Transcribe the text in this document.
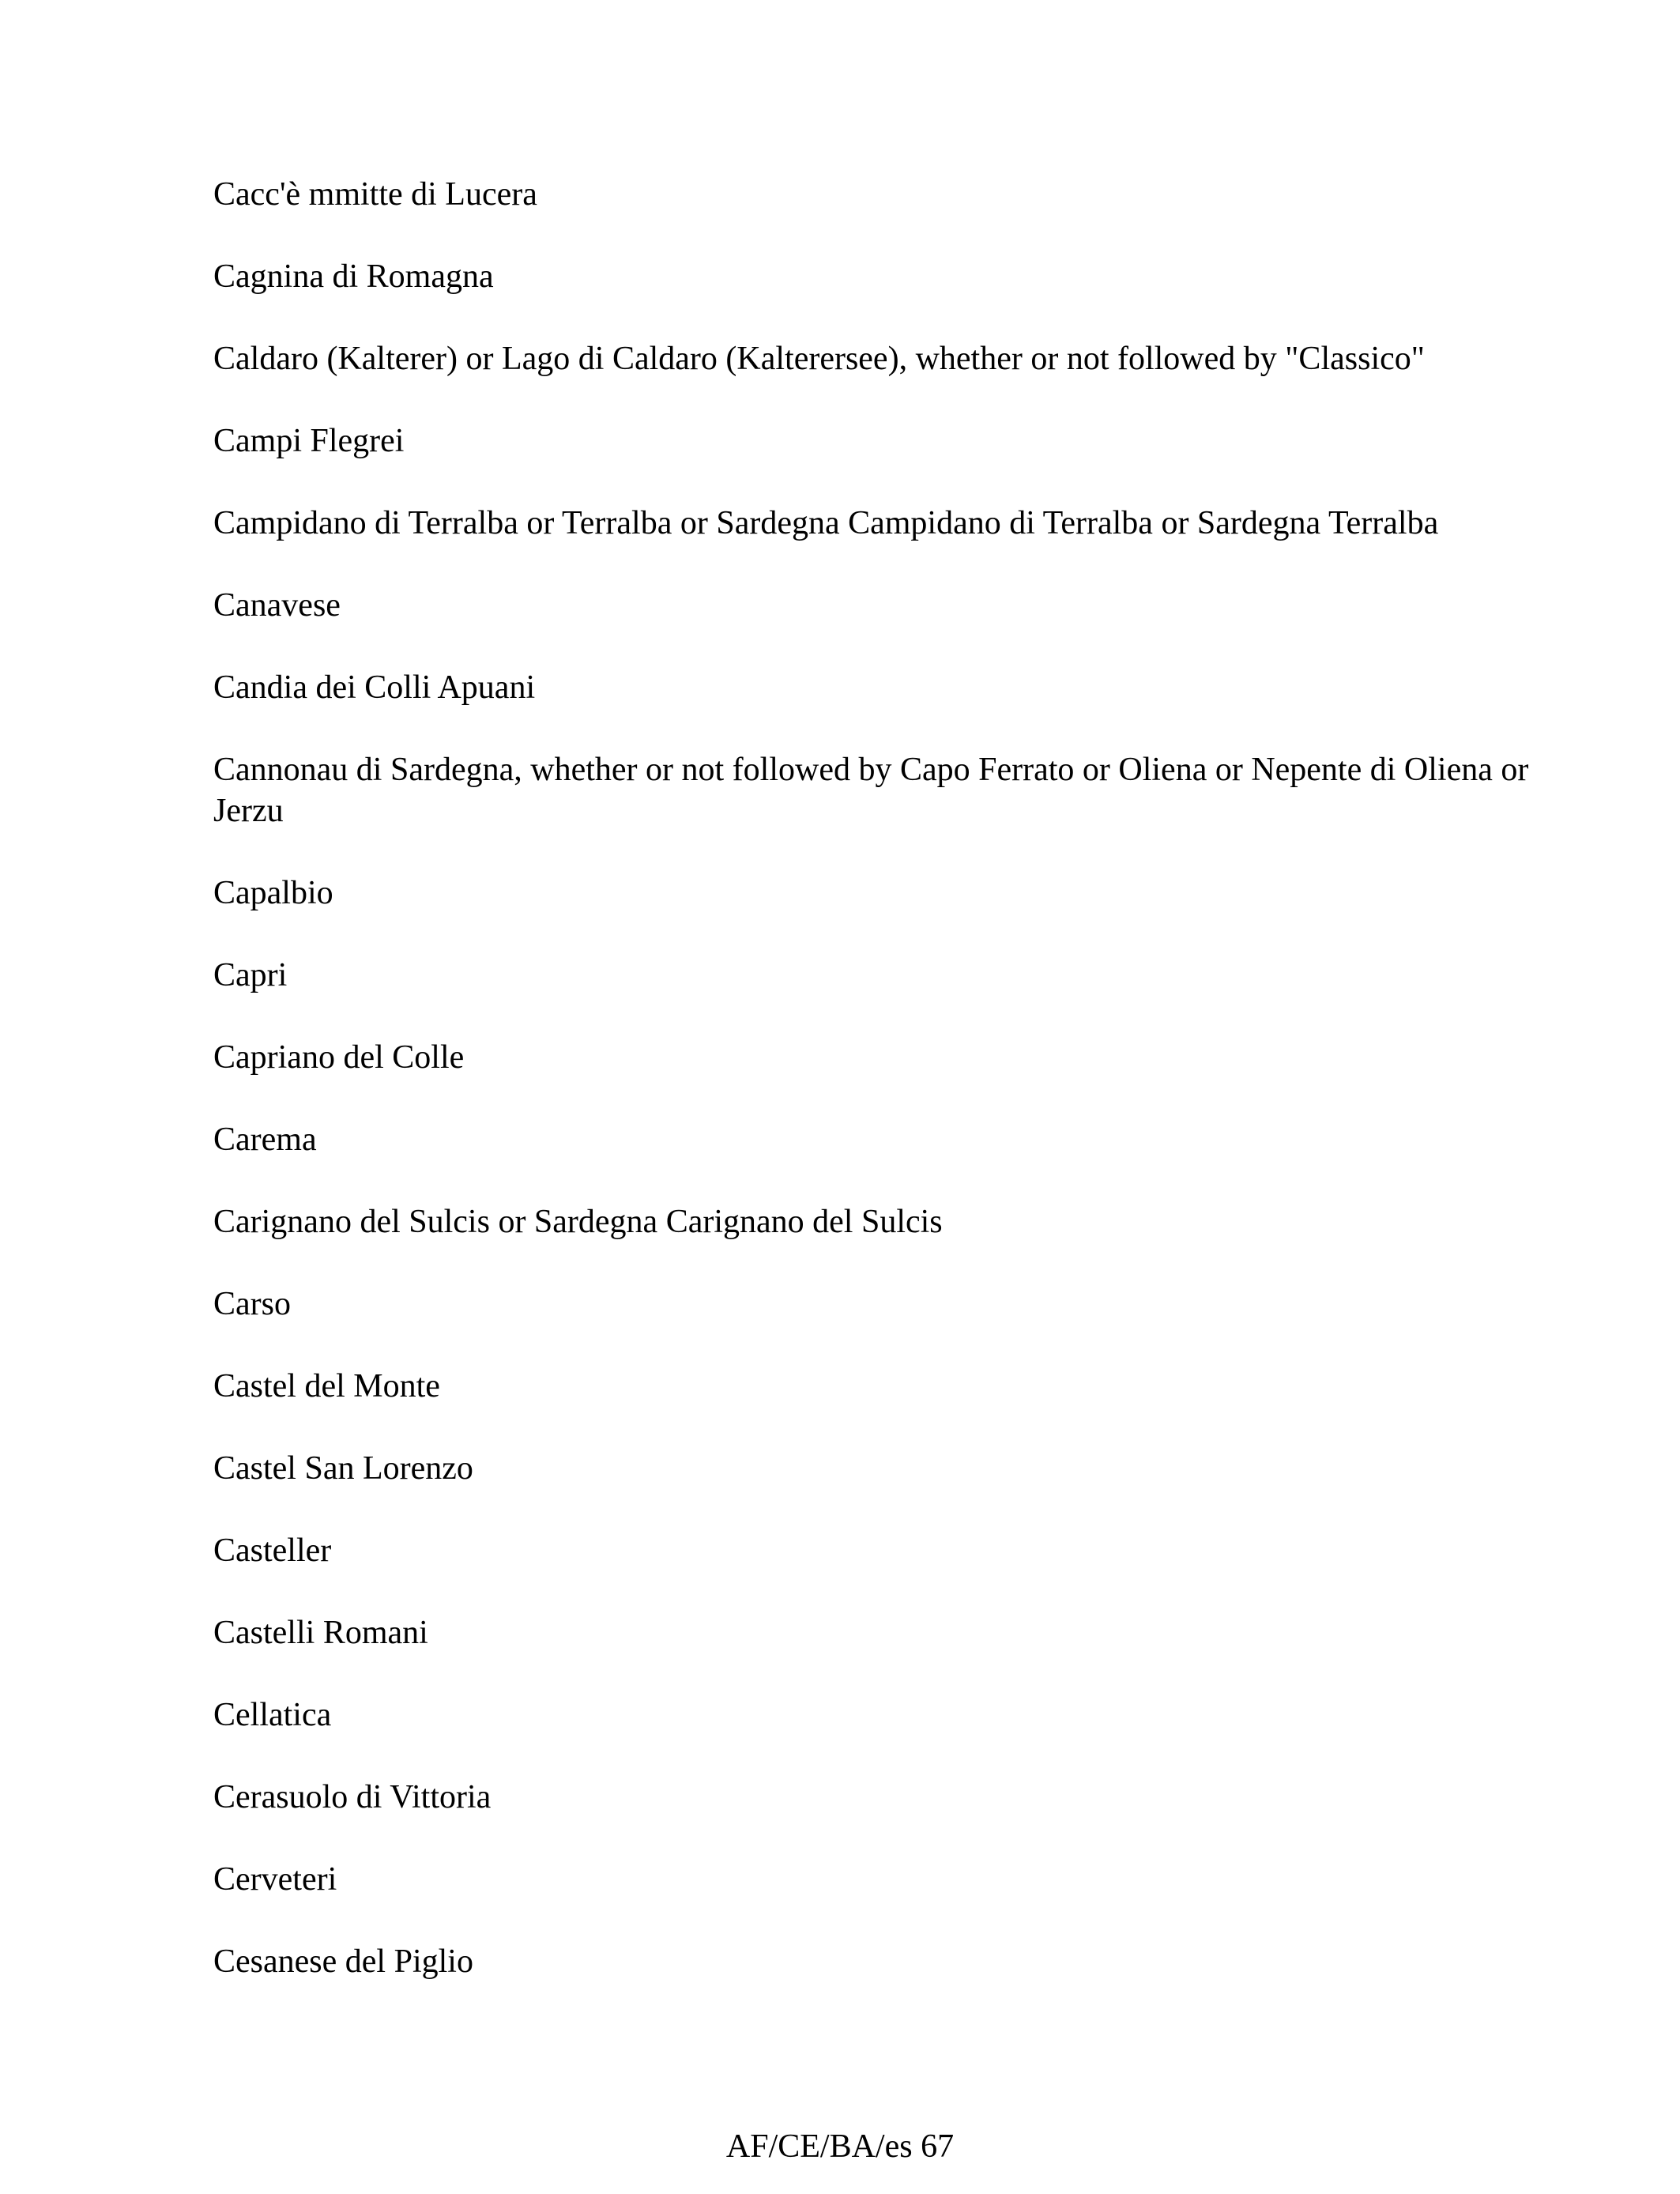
Cacc'è mmitte di Lucera
Cagnina di Romagna
Caldaro (Kalterer) or Lago di Caldaro (Kalterersee), whether or not followed by "Classico"
Campi Flegrei
Campidano di Terralba or Terralba or Sardegna Campidano di Terralba or Sardegna Terralba
Canavese
Candia dei Colli Apuani
Cannonau di Sardegna, whether or not followed by Capo Ferrato or Oliena or Nepente di Oliena or Jerzu
Capalbio
Capri
Capriano del Colle
Carema
Carignano del Sulcis or Sardegna Carignano del Sulcis
Carso
Castel del Monte
Castel San Lorenzo
Casteller
Castelli Romani
Cellatica
Cerasuolo di Vittoria
Cerveteri
Cesanese del Piglio
AF/CE/BA/es 67
